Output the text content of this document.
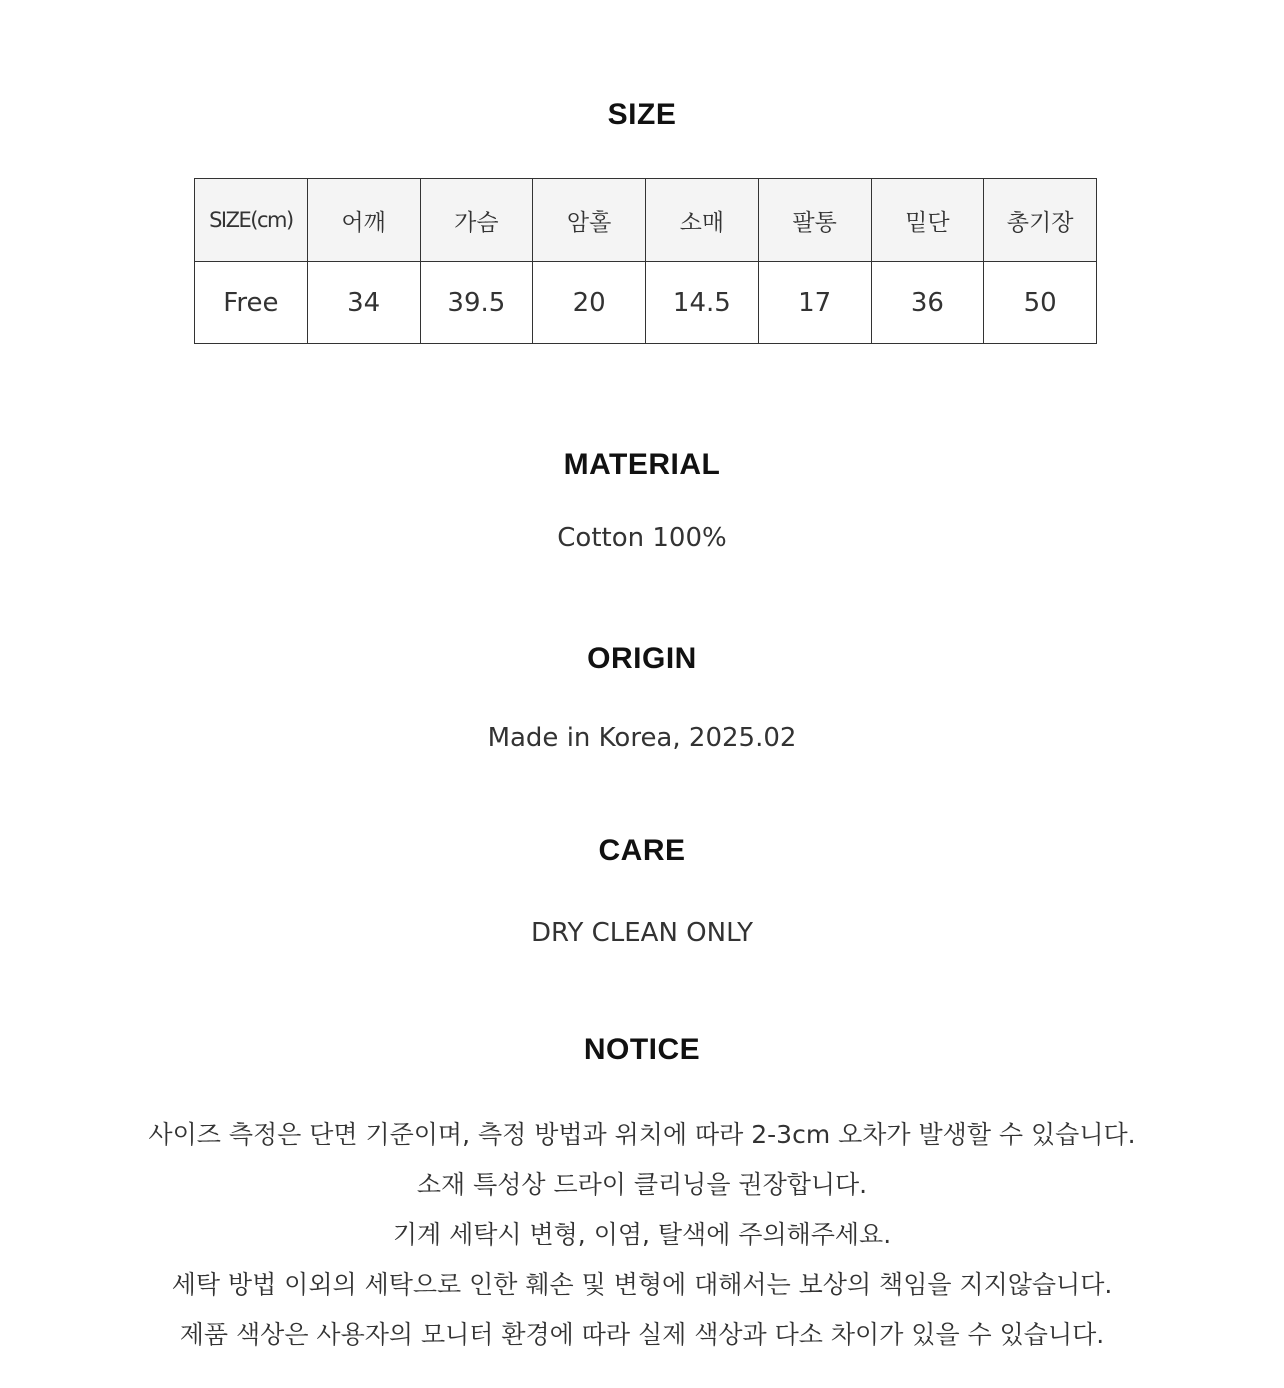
SIZE
SIZE(cm)	어깨	가슴	암홀	소매	팔통	밑단	총기장
Free	34	39.5	20	14.5	17	36	50
MATERIAL
Cotton 100%
ORIGIN
Made in Korea, 2025.02
CARE
DRY CLEAN ONLY
NOTICE
사이즈 측정은 단면 기준이며, 측정 방법과 위치에 따라 2-3cm 오차가 발생할 수 있습니다.
소재 특성상 드라이 클리닝을 권장합니다.
기계 세탁시 변형, 이염, 탈색에 주의해주세요.
세탁 방법 이외의 세탁으로 인한 훼손 및 변형에 대해서는 보상의 책임을 지지않습니다.
제품 색상은 사용자의 모니터 환경에 따라 실제 색상과 다소 차이가 있을 수 있습니다.
